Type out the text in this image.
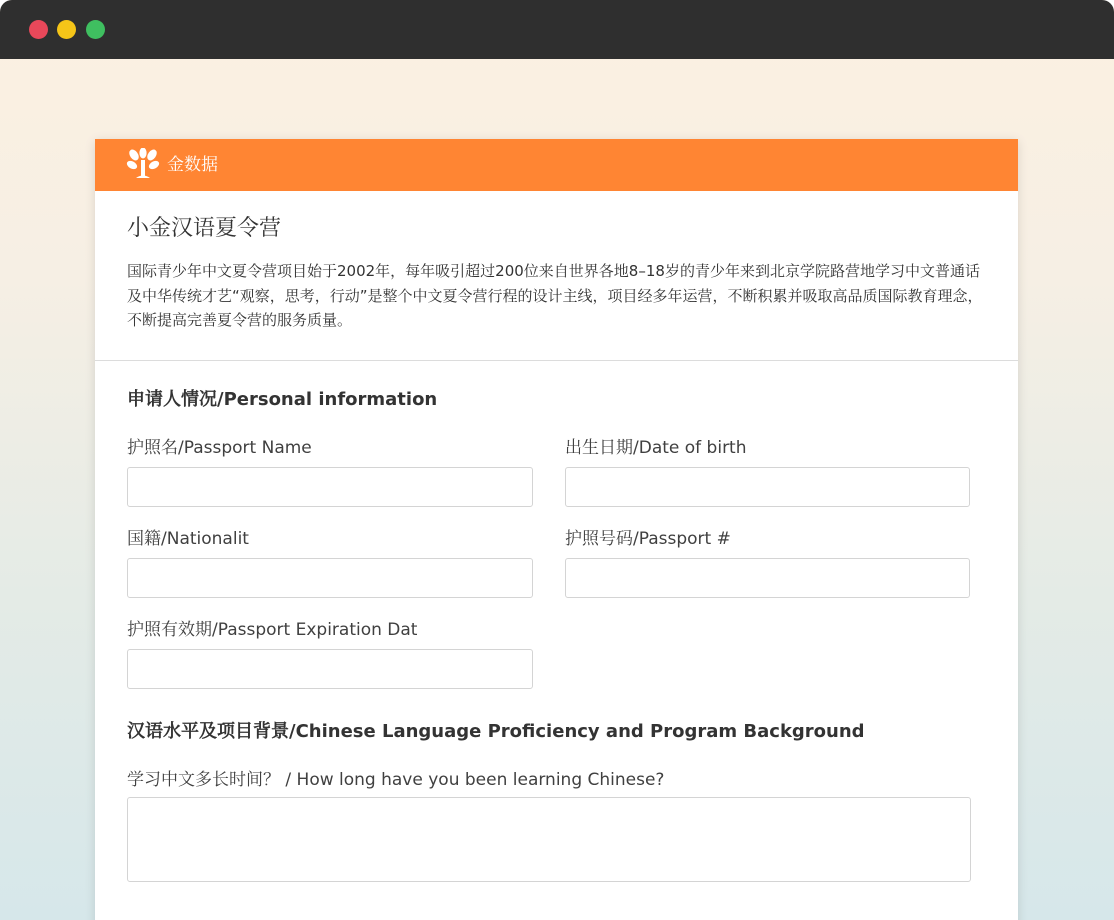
金数据
小金汉语夏令营

国际青少年中文夏令营项目始于2002年，每年吸引超过200位来自世界各地8–18岁的青少年来到北京学院路营地学习中文普通话及中华传统才艺“观察，思考，行动”是整个中文夏令营行程的设计主线，项目经多年运营，不断积累并吸取高品质国际教育理念，不断提高完善夏令营的服务质量。

申请人情况/Personal information
护照名/Passport Name	出生日期/Date of birth
国籍/Nationalit	护照号码/Passport #
护照有效期/Passport Expiration Dat
汉语水平及项目背景/Chinese Language Proficiency and Program Background
学习中文多长时间？ / How long have you been learning Chinese?
